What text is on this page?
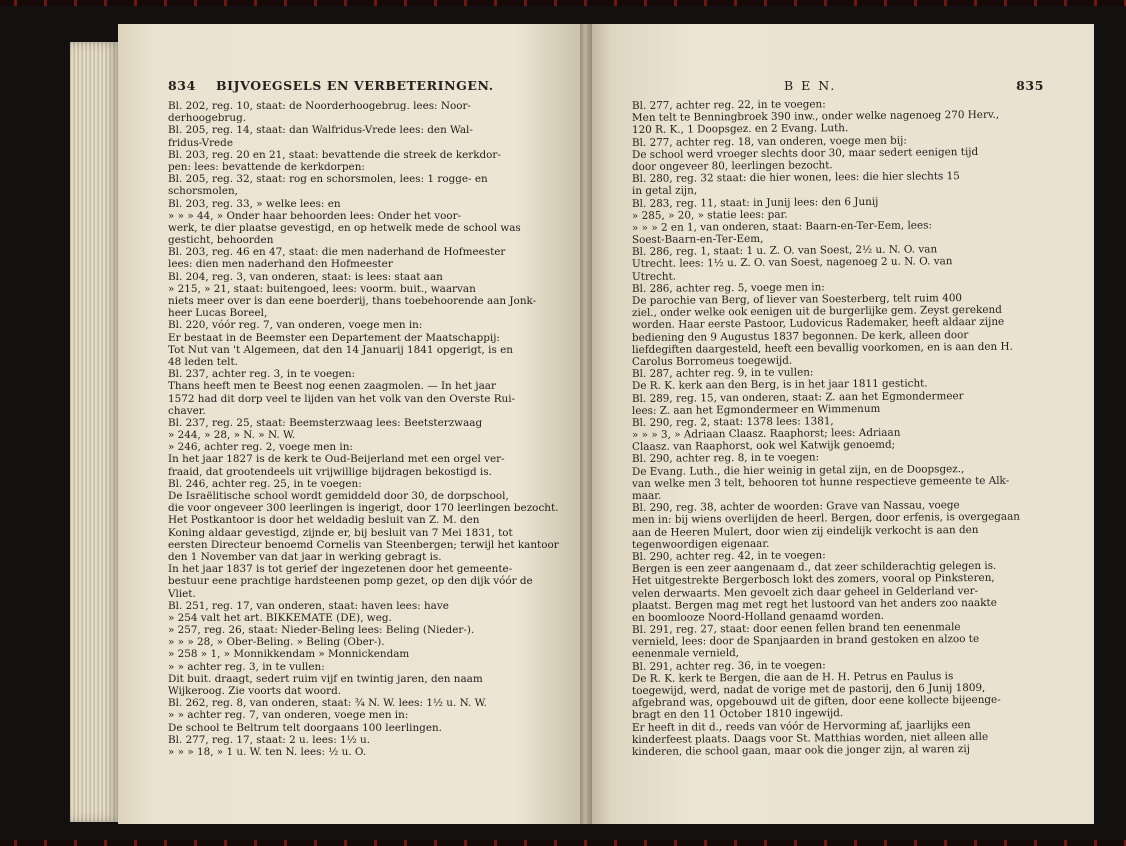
834 BIJVOEGSELS EN VERBETERINGEN.
Bl. 202, reg. 10, staat: de Noorderhoogebrug. lees: Noor-
derhoogebrug.
Bl. 205, reg. 14, staat: dan Walfridus-Vrede lees: den Wal-
fridus-Vrede
Bl. 203, reg. 20 en 21, staat: bevattende die streek de kerkdor-
pen: lees: bevattende de kerkdorpen:
Bl. 205, reg. 32, staat: rog en schorsmolen, lees: 1 rogge- en
schorsmolen,
Bl. 203, reg. 33, » welke lees: en
» » » 44, » Onder haar behoorden lees: Onder het voor-
werk, te dier plaatse gevestigd, en op hetwelk mede de school was
gesticht, behoorden
Bl. 203, reg. 46 en 47, staat: die men naderhand de Hofmeester
lees: dien men naderhand den Hofmeester
Bl. 204, reg. 3, van onderen, staat: is lees: staat aan
» 215, » 21, staat: buitengoed, lees: voorm. buit., waarvan
niets meer over is dan eene boerderij, thans toebehoorende aan Jonk-
heer Lucas Boreel,
Bl. 220, vóór reg. 7, van onderen, voege men in:
Er bestaat in de Beemster een Departement der Maatschappij:
Tot Nut van 't Algemeen, dat den 14 Januarij 1841 opgerigt, is en
48 leden telt.
Bl. 237, achter reg. 3, in te voegen:
Thans heeft men te Beest nog eenen zaagmolen. — In het jaar
1572 had dit dorp veel te lijden van het volk van den Overste Rui-
chaver.
Bl. 237, reg. 25, staat: Beemsterzwaag lees: Beetsterzwaag
» 244, » 28, » N. » N. W.
» 246, achter reg. 2, voege men in:
In het jaar 1827 is de kerk te Oud-Beijerland met een orgel ver-
fraaid, dat grootendeels uit vrijwillige bijdragen bekostigd is.
Bl. 246, achter reg. 25, in te voegen:
De Israëlitische school wordt gemiddeld door 30, de dorpschool,
die voor ongeveer 300 leerlingen is ingerigt, door 170 leerlingen bezocht.
Het Postkantoor is door het weldadig besluit van Z. M. den
Koning aldaar gevestigd, zijnde er, bij besluit van 7 Mei 1831, tot
eersten Directeur benoemd Cornelis van Steenbergen; terwijl het kantoor
den 1 November van dat jaar in werking gebragt is.
In het jaar 1837 is tot gerief der ingezetenen door het gemeente-
bestuur eene prachtige hardsteenen pomp gezet, op den dijk vóór de
Vliet.
Bl. 251, reg. 17, van onderen, staat: haven lees: have
» 254 valt het art. BIKKEMATE (DE), weg.
» 257, reg. 26, staat: Nieder-Beling lees: Beling (Nieder-).
» » » 28, » Ober-Beling. » Beling (Ober-).
» 258 » 1, » Monnikkendam » Monnickendam
» » achter reg. 3, in te vullen:
Dit buit. draagt, sedert ruim vijf en twintig jaren, den naam
Wijkeroog. Zie voorts dat woord.
Bl. 262, reg. 8, van onderen, staat: ¾ N. W. lees: 1½ u. N. W.
» » achter reg. 7, van onderen, voege men in:
De school te Beltrum telt doorgaans 100 leerlingen.
Bl. 277, reg. 17, staat: 2 u. lees: 1½ u.
» » » 18, » 1 u. W. ten N. lees: ½ u. O.
B E N.	835
Bl. 277, achter reg. 22, in te voegen:
Men telt te Benningbroek 390 inw., onder welke nagenoeg 270 Herv.,
120 R. K., 1 Doopsgez. en 2 Evang. Luth.
Bl. 277, achter reg. 18, van onderen, voege men bij:
De school werd vroeger slechts door 30, maar sedert eenigen tijd
door ongeveer 80, leerlingen bezocht.
Bl. 280, reg. 32 staat: die hier wonen, lees: die hier slechts 15
in getal zijn,
Bl. 283, reg. 11, staat: in Junij lees: den 6 Junij
» 285, » 20, » statie lees: par.
» » » 2 en 1, van onderen, staat: Baarn-en-Ter-Eem, lees:
Soest-Baarn-en-Ter-Eem,
Bl. 286, reg. 1, staat: 1 u. Z. O. van Soest, 2½ u. N. O. van
Utrecht. lees: 1½ u. Z. O. van Soest, nagenoeg 2 u. N. O. van
Utrecht.
Bl. 286, achter reg. 5, voege men in:
De parochie van Berg, of liever van Soesterberg, telt ruim 400
ziel., onder welke ook eenigen uit de burgerlijke gem. Zeyst gerekend
worden. Haar eerste Pastoor, Ludovicus Rademaker, heeft aldaar zijne
bediening den 9 Augustus 1837 begonnen. De kerk, alleen door
liefdegiften daargesteld, heeft een bevallig voorkomen, en is aan den H.
Carolus Borromeus toegewijd.
Bl. 287, achter reg. 9, in te vullen:
De R. K. kerk aan den Berg, is in het jaar 1811 gesticht.
Bl. 289, reg. 15, van onderen, staat: Z. aan het Egmondermeer
lees: Z. aan het Egmondermeer en Wimmenum
Bl. 290, reg. 2, staat: 1378 lees: 1381,
» » » 3, » Adriaan Claasz. Raaphorst; lees: Adriaan
Claasz. van Raaphorst, ook wel Katwijk genoemd;
Bl. 290, achter reg. 8, in te voegen:
De Evang. Luth., die hier weinig in getal zijn, en de Doopsgez.,
van welke men 3 telt, behooren tot hunne respectieve gemeente te Alk-
maar.
Bl. 290, reg. 38, achter de woorden: Grave van Nassau, voege
men in: bij wiens overlijden de heerl. Bergen, door erfenis, is overgegaan
aan de Heeren Mulert, door wien zij eindelijk verkocht is aan den
tegenwoordigen eigenaar.
Bl. 290, achter reg. 42, in te voegen:
Bergen is een zeer aangenaam d., dat zeer schilderachtig gelegen is.
Het uitgestrekte Bergerbosch lokt des zomers, vooral op Pinksteren,
velen derwaarts. Men gevoelt zich daar geheel in Gelderland ver-
plaatst. Bergen mag met regt het lustoord van het anders zoo naakte
en boomlooze Noord-Holland genaamd worden.
Bl. 291, reg. 27, staat: door eenen fellen brand ten eenenmale
vernield, lees: door de Spanjaarden in brand gestoken en alzoo te
eenenmale vernield,
Bl. 291, achter reg. 36, in te voegen:
De R. K. kerk te Bergen, die aan de H. H. Petrus en Paulus is
toegewijd, werd, nadat de vorige met de pastorij, den 6 Junij 1809,
afgebrand was, opgebouwd uit de giften, door eene kollecte bijeenge-
bragt en den 11 October 1810 ingewijd.
Er heeft in dit d., reeds van vóór de Hervorming af, jaarlijks een
kinderfeest plaats. Daags voor St. Matthias worden, niet alleen alle
kinderen, die school gaan, maar ook die jonger zijn, al waren zij
